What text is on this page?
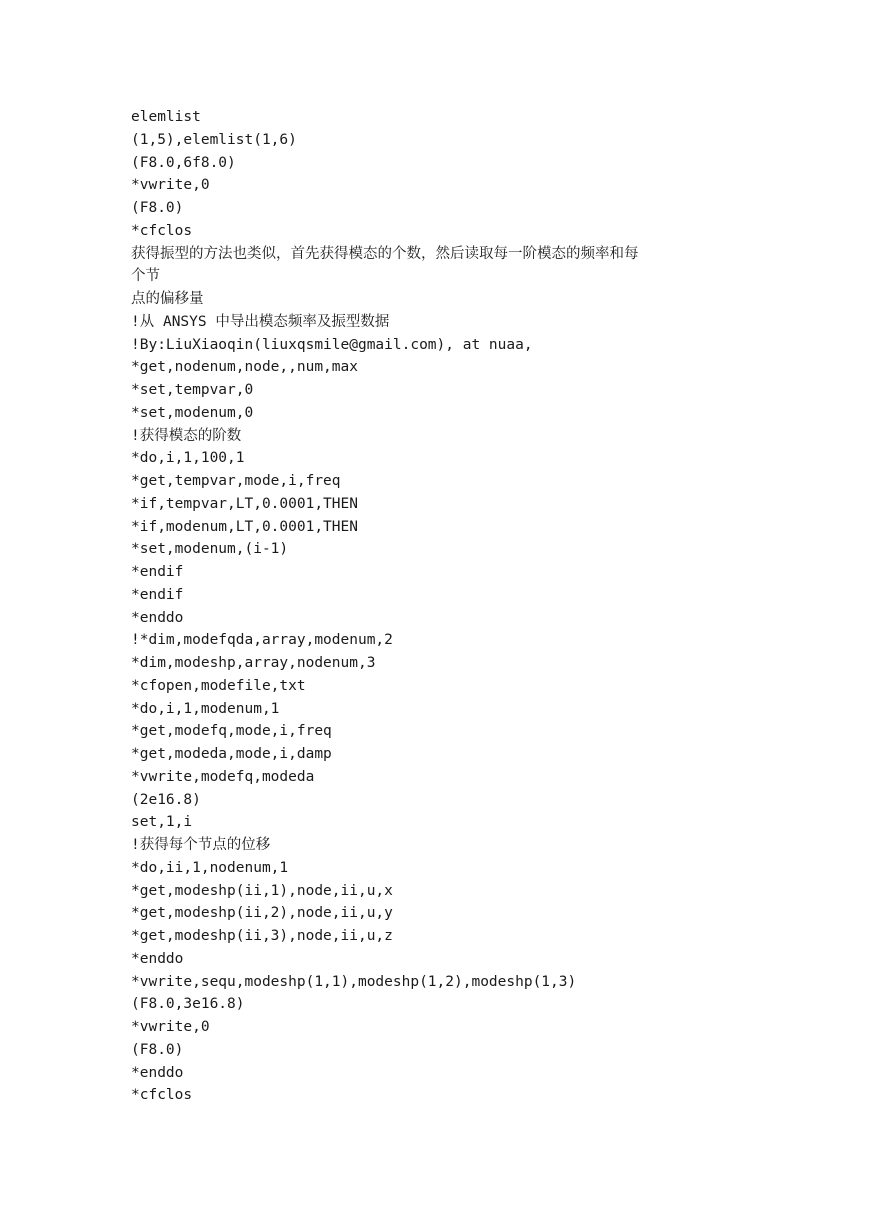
elemlist
(1,5),elemlist(1,6)
(F8.0,6f8.0)
*vwrite,0
(F8.0)
*cfclos
获得振型的方法也类似，首先获得模态的个数，然后读取每一阶模态的频率和每
个节
点的偏移量
!从 ANSYS 中导出模态频率及振型数据
!By:LiuXiaoqin(liuxqsmile@gmail.com), at nuaa,
*get,nodenum,node,,num,max
*set,tempvar,0
*set,modenum,0
!获得模态的阶数
*do,i,1,100,1
*get,tempvar,mode,i,freq
*if,tempvar,LT,0.0001,THEN
*if,modenum,LT,0.0001,THEN
*set,modenum,(i-1)
*endif
*endif
*enddo
!*dim,modefqda,array,modenum,2
*dim,modeshp,array,nodenum,3
*cfopen,modefile,txt
*do,i,1,modenum,1
*get,modefq,mode,i,freq
*get,modeda,mode,i,damp
*vwrite,modefq,modeda
(2e16.8)
set,1,i
!获得每个节点的位移
*do,ii,1,nodenum,1
*get,modeshp(ii,1),node,ii,u,x
*get,modeshp(ii,2),node,ii,u,y
*get,modeshp(ii,3),node,ii,u,z
*enddo
*vwrite,sequ,modeshp(1,1),modeshp(1,2),modeshp(1,3)
(F8.0,3e16.8)
*vwrite,0
(F8.0)
*enddo
*cfclos
